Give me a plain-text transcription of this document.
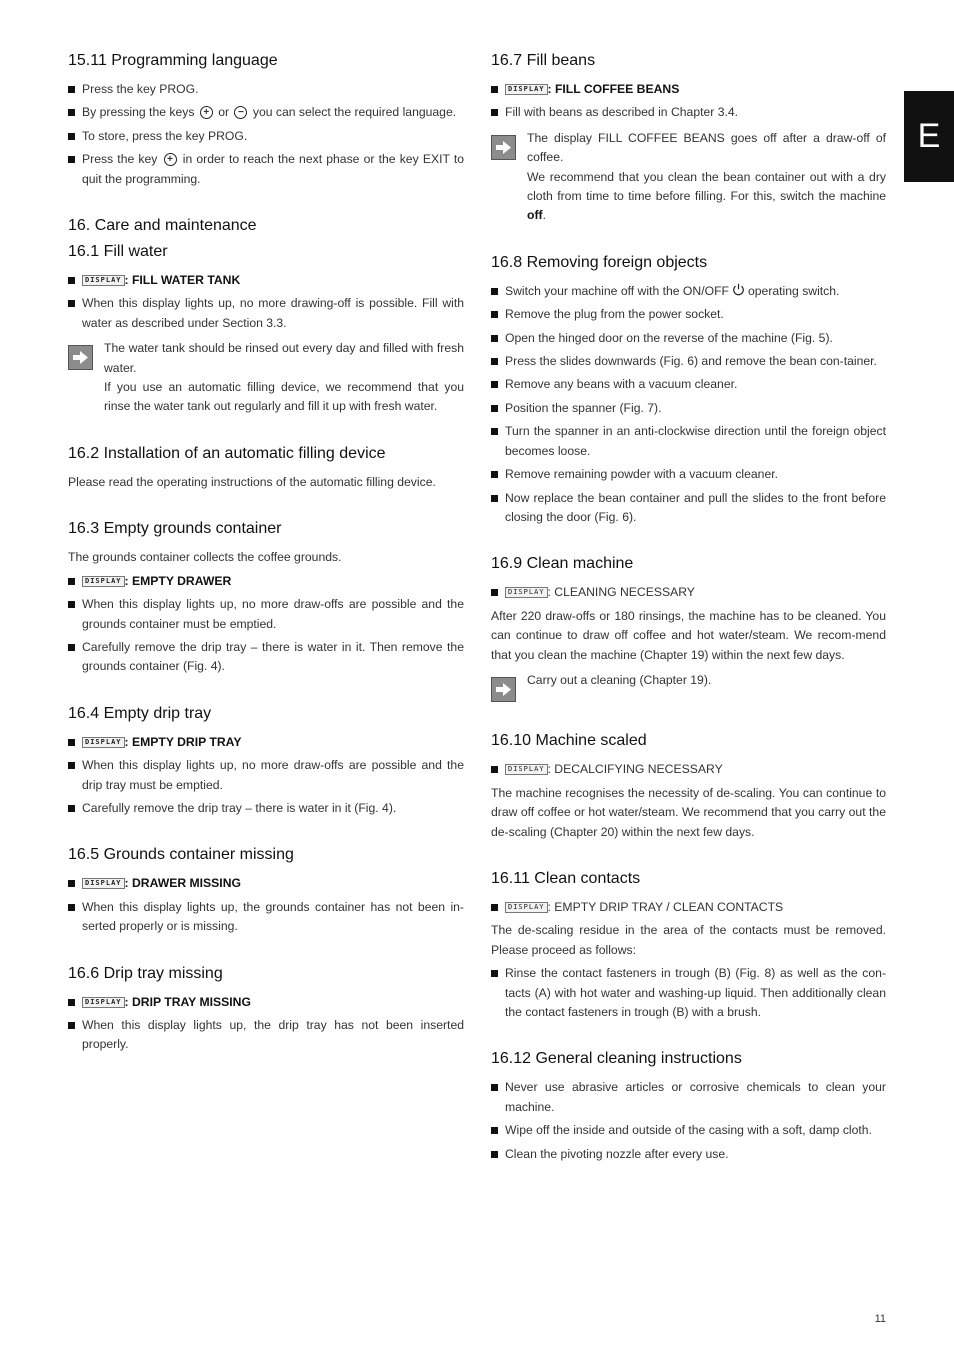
E
15.11 Programming language
Press the key PROG.
By pressing the keys + or − you can select the required language.
To store, press the key PROG.
Press the key + in order to reach the next phase or the key EXIT to quit the programming.
16. Care and maintenance
16.1 Fill water
DISPLAY : FILL WATER TANK
When this display lights up, no more drawing-off is possible. Fill with water as described under Section 3.3.

The water tank should be rinsed out every day and filled with fresh water.

If you use an automatic filling device, we recommend that you rinse the water tank out regularly and fill it up with fresh water.

16.2 Installation of an automatic filling device

Please read the operating instructions of the automatic filling device.

16.3 Empty grounds container

The grounds container collects the coffee grounds.

DISPLAY : EMPTY DRAWER
When this display lights up, no more draw-offs are possible and the grounds container must be emptied.
Carefully remove the drip tray – there is water in it. Then remove the grounds container (Fig. 4).
16.4 Empty drip tray
DISPLAY : EMPTY DRIP TRAY
When this display lights up, no more draw-offs are possible and the drip tray must be emptied.
Carefully remove the drip tray – there is water in it (Fig. 4).
16.5 Grounds container missing
DISPLAY : DRAWER MISSING
When this display lights up, the grounds container has not been in-serted properly or is missing.
16.6 Drip tray missing
DISPLAY : DRIP TRAY MISSING
When this display lights up, the drip tray has not been inserted properly.
16.7 Fill beans
DISPLAY : FILL COFFEE BEANS
Fill with beans as described in Chapter 3.4.

The display FILL COFFEE BEANS goes off after a draw-off of coffee.

We recommend that you clean the bean container out with a dry cloth from time to time before filling. For this, switch the machine off.

16.8 Removing foreign objects
Switch your machine off with the ON/OFF operating switch.
Remove the plug from the power socket.
Open the hinged door on the reverse of the machine (Fig. 5).
Press the slides downwards (Fig. 6) and remove the bean con-tainer.
Remove any beans with a vacuum cleaner.
Position the spanner (Fig. 7).
Turn the spanner in an anti-clockwise direction until the foreign object becomes loose.
Remove remaining powder with a vacuum cleaner.
Now replace the bean container and pull the slides to the front before closing the door (Fig. 6).
16.9 Clean machine
DISPLAY : CLEANING NECESSARY

After 220 draw-offs or 180 rinsings, the machine has to be cleaned. You can continue to draw off coffee and hot water/steam. We recom-mend that you clean the machine (Chapter 19) within the next few days.

Carry out a cleaning (Chapter 19).

16.10 Machine scaled
DISPLAY : DECALCIFYING NECESSARY

The machine recognises the necessity of de-scaling. You can continue to draw off coffee or hot water/steam. We recommend that you carry out the de-scaling (Chapter 20) within the next few days.

16.11 Clean contacts
DISPLAY : EMPTY DRIP TRAY / CLEAN CONTACTS

The de-scaling residue in the area of the contacts must be removed. Please proceed as follows:

Rinse the contact fasteners in trough (B) (Fig. 8) as well as the con-tacts (A) with hot water and washing-up liquid. Then additionally clean the contact fasteners in trough (B) with a brush.
16.12 General cleaning instructions
Never use abrasive articles or corrosive chemicals to clean your machine.
Wipe off the inside and outside of the casing with a soft, damp cloth.
Clean the pivoting nozzle after every use.
11
